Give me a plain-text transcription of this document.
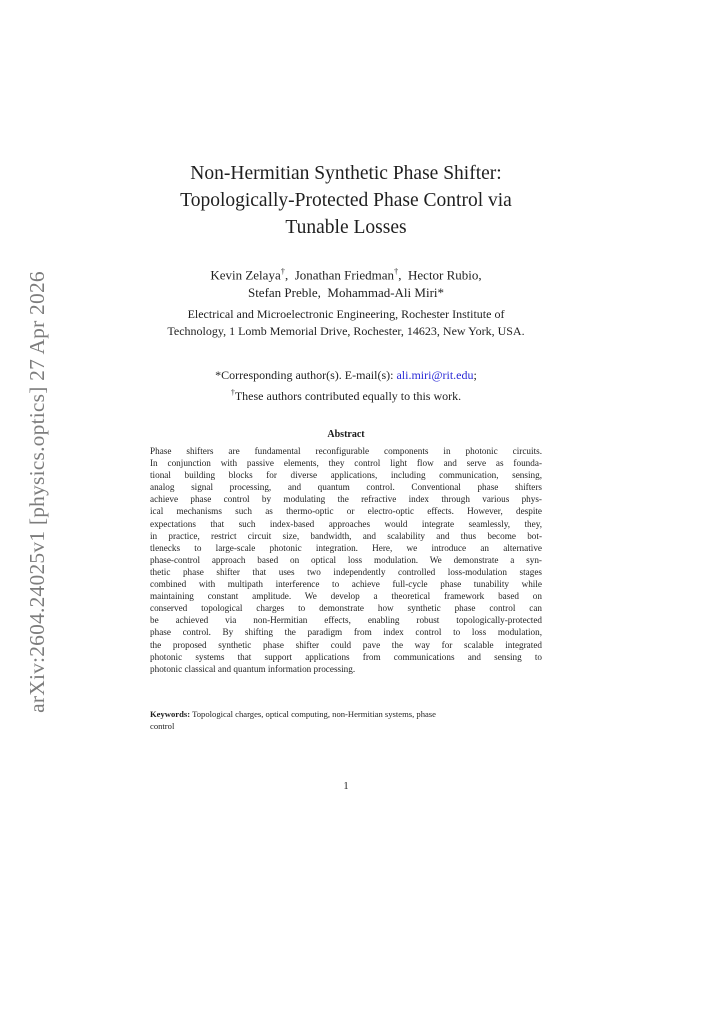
arXiv:2604.24025v1 [physics.optics] 27 Apr 2026
Non-Hermitian Synthetic Phase Shifter:
Topologically-Protected Phase Control via
Tunable Losses
Kevin Zelaya†,  Jonathan Friedman†,  Hector Rubio,
Stefan Preble, Mohammad-Ali Miri*
Electrical and Microelectronic Engineering, Rochester Institute of
Technology, 1 Lomb Memorial Drive, Rochester, 14623, New York, USA.
*Corresponding author(s). E-mail(s): ali.miri@rit.edu;
†These authors contributed equally to this work.
Abstract
Phase shifters are fundamental reconfigurable components in photonic circuits.
In conjunction with passive elements, they control light flow and serve as founda-
tional building blocks for diverse applications, including communication, sensing,
analog signal processing, and quantum control. Conventional phase shifters
achieve phase control by modulating the refractive index through various phys-
ical mechanisms such as thermo-optic or electro-optic effects. However, despite
expectations that such index-based approaches would integrate seamlessly, they,
in practice, restrict circuit size, bandwidth, and scalability and thus become bot-
tlenecks to large-scale photonic integration. Here, we introduce an alternative
phase-control approach based on optical loss modulation. We demonstrate a syn-
thetic phase shifter that uses two independently controlled loss-modulation stages
combined with multipath interference to achieve full-cycle phase tunability while
maintaining constant amplitude. We develop a theoretical framework based on
conserved topological charges to demonstrate how synthetic phase control can
be achieved via non-Hermitian effects, enabling robust topologically-protected
phase control. By shifting the paradigm from index control to loss modulation,
the proposed synthetic phase shifter could pave the way for scalable integrated
photonic systems that support applications from communications and sensing to
photonic classical and quantum information processing.
Keywords: Topological charges, optical computing, non-Hermitian systems, phase
control
1
